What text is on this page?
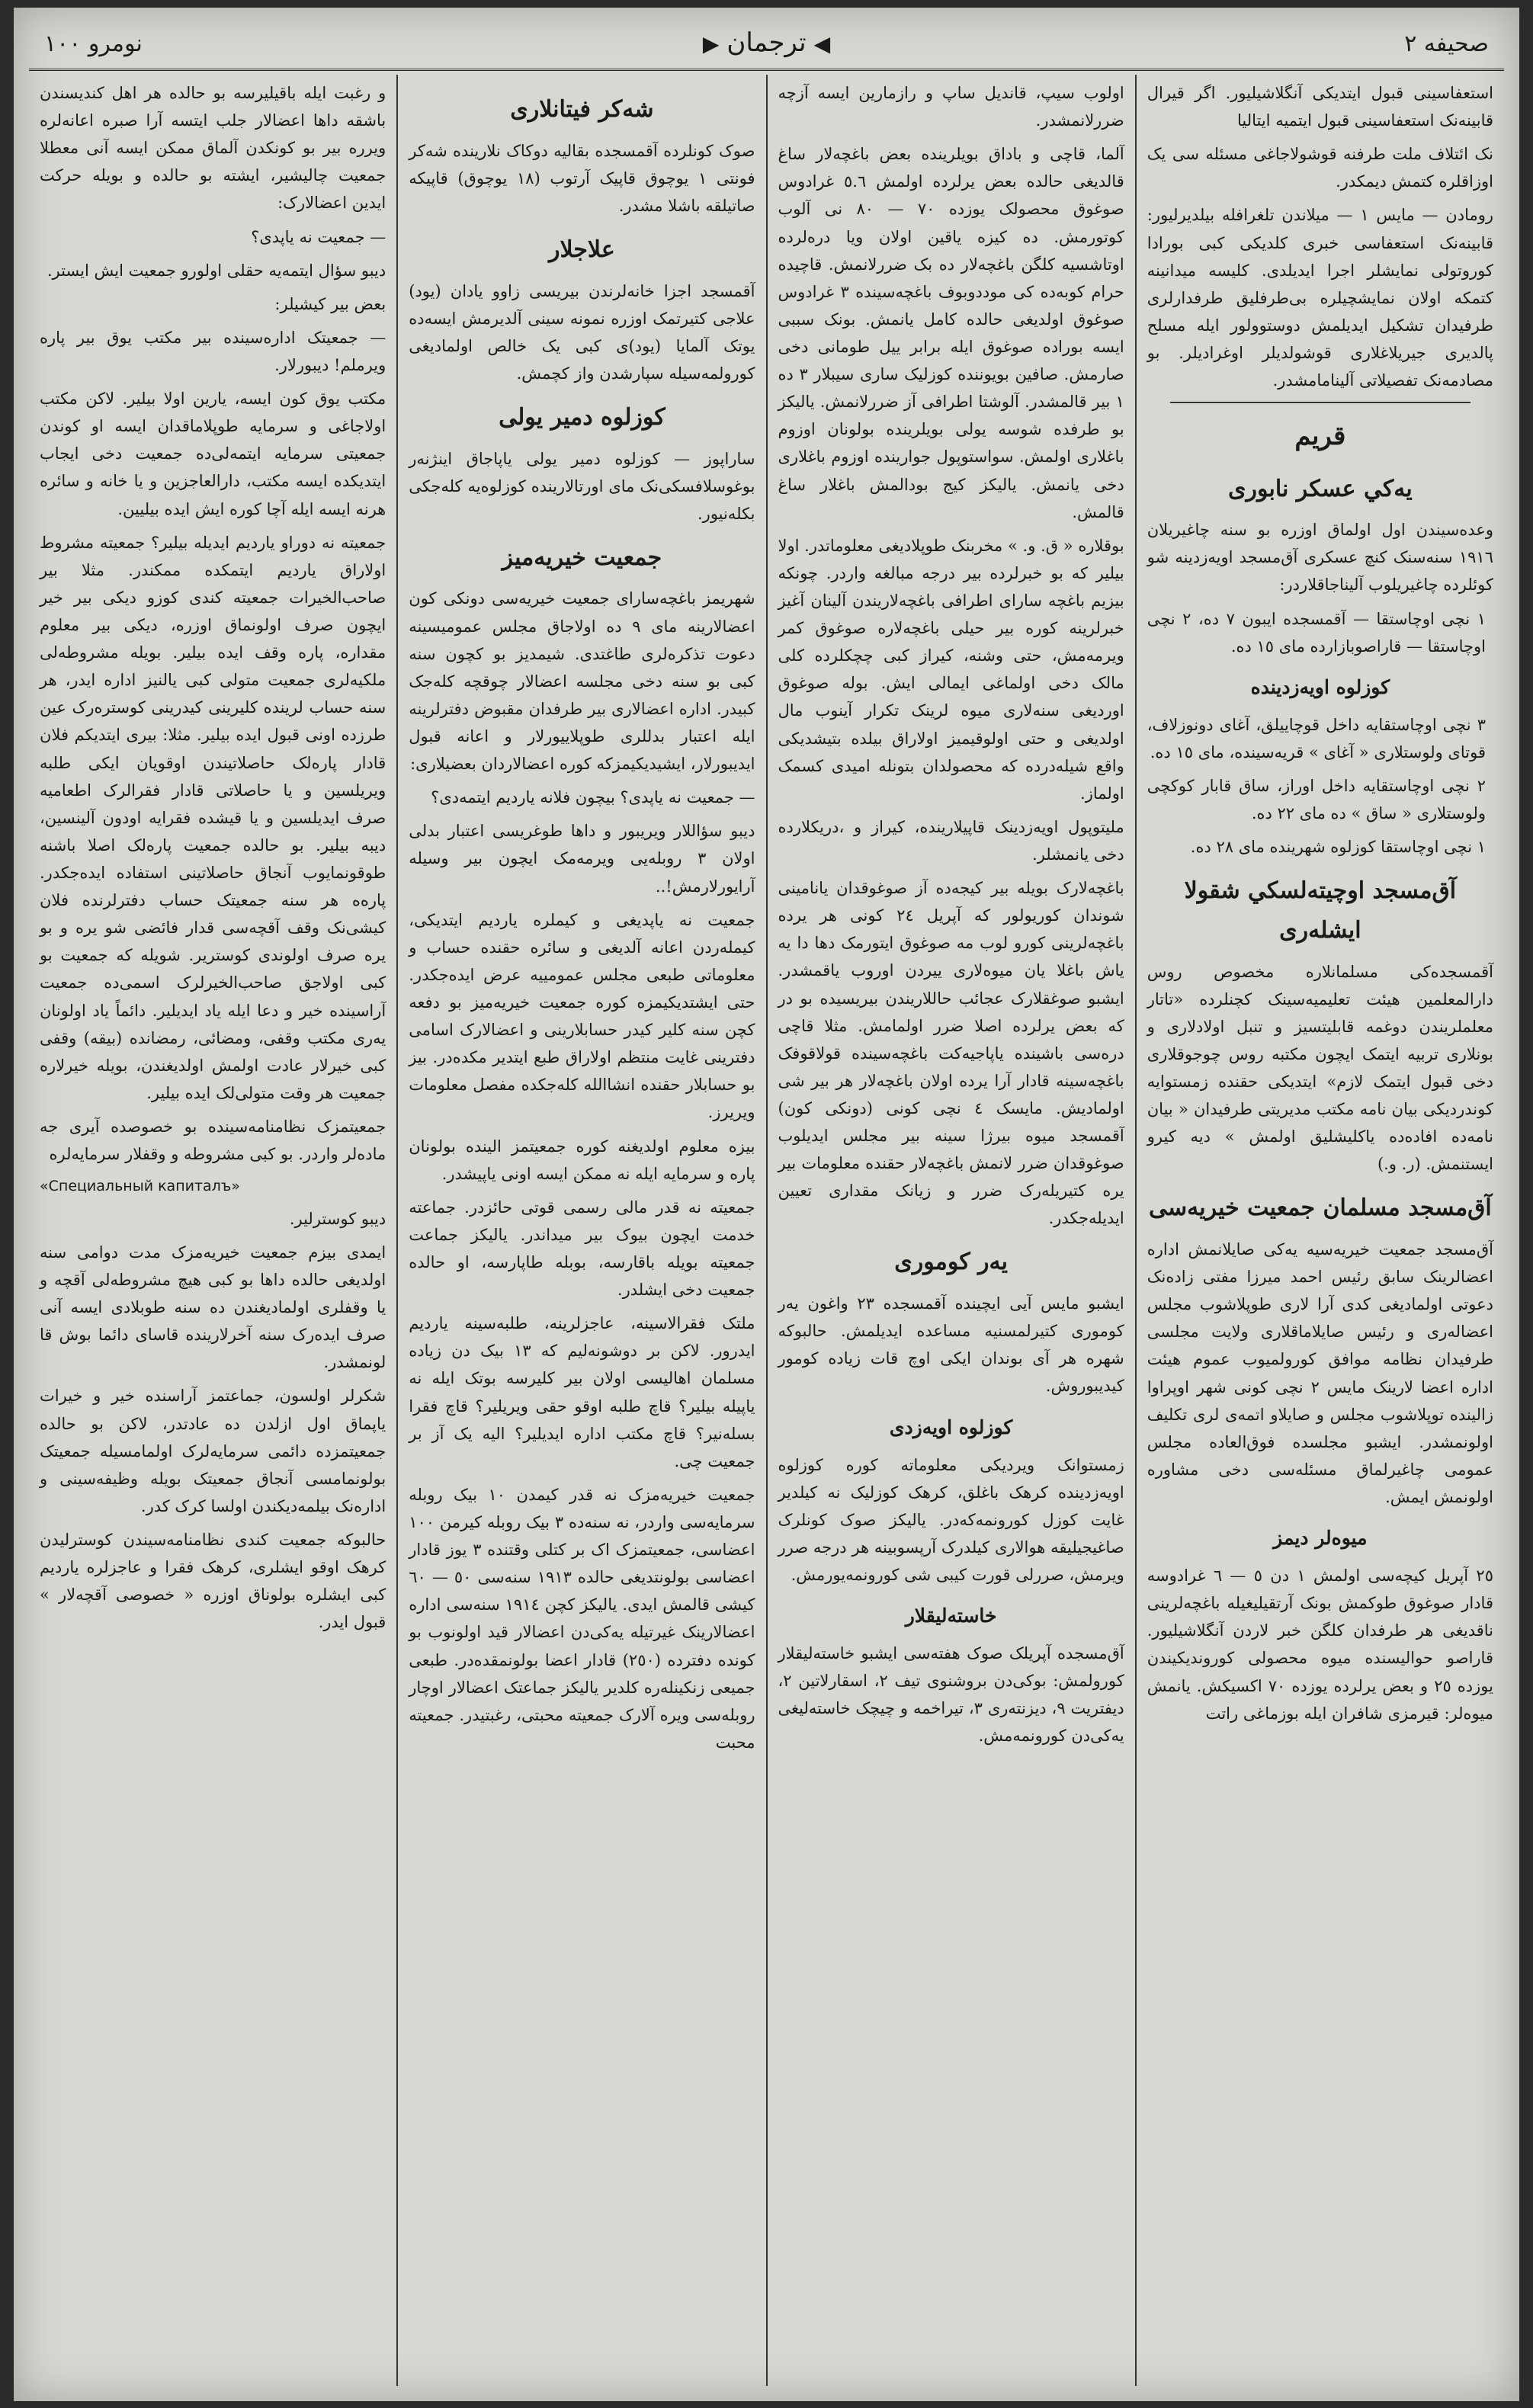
صحيفه ٢
◀ترجمان▶
نومرو ١٠٠

استعفاسینی قبول ایتدیکی آنگلاشیلیور. اگر قیرال قابینه‌نک استعفاسینی قبول ایتمیه ایتالیا

نک ائتلاف ملت طرفنه قوشولاجاغی مسئله سی یک اوزاقلره کتمش دیمکدر.

رومادن — مایس ١ — میلاندن تلغرافله بیلدیرلیور: قابینه‌نک استعفاسی خبری کلدیکی کبی بورادا کوروتولی نمایشلر اجرا ایدیلدی. کلیسه میدانینه کتمکه اولان نمایشچیلره بی‌طرفلیق طرفدارلری طرفیدان تشکیل ایدیلمش دوستوولور ایله مسلح پالدیری جیریلاغلاری قوشولدیلر اوغرادیلر. بو مصادمه‌نک تفصیلاتی آلینامامشدر.

قريم
يه‌كي عسكر نابورى

وعده‌سیندن اول اولماق اوزره بو سنه چاغیریلان ١٩١٦ سنه‌سنک کنچ عسکری آق‌مسجد اویه‌زدینه شو کوئلرده چاغیریلوب آلیناجاقلاردر:

١ نچی اوچاستقا — آقمسجده ایبون ٧ ده، ٢ نچی اوچاستقا — قاراصوبازارده مای ١٥ ده.

كوزلوه اويه‌زدينده

٣ نچی اوچاستقایه داخل قوچاییلق، آغای دونوزلاف، قوتای ولوستلاری « آغای » قریه‌سینده، مای ١٥ ده.

٢ نچی اوچاستقایه داخل اوراز، ساق قابار کوکچی ولوستلاری « ساق » ده مای ٢٢ ده.

١ نچی اوچاستقا کوزلوه شهرینده مای ٢٨ ده.

آق‌مسجد اوچيته‌لسكي شقولا ايشله‌ری

آقمسجده‌کی مسلمانلاره مخصوص روس دارالمعلمین هیئت تعلیمیه‌سینک کچنلرده «تاتار معلملریندن دوغمه قابلیتسیز و تنبل اولادلاری و بونلاری تربیه ایتمک ایچون مکتبه روس چوجوقلاری دخی قبول ایتمک لازم» ایتدیکی حقنده زمستوایه کوندردیکی بیان نامه مکتب مدیریتی طرفیدان « بیان نامه‌ده افاده‌ده یاکلیشلیق اولمش » دیه کیرو ایستنمش. (ر. و.)

آق‌مسجد مسلمان جمعيت خيريه‌سی

آق‌مسجد جمعیت خیریه‌سیه یه‌کی صایلانمش اداره اعضالرینک سابق رئیس احمد میرزا مفتی زاده‌نک دعوتی اولمادیغی کدی آرا لاری طوپلاشوب مجلس اعضاله‌ری و رئیس صایلاماقلاری ولایت مجلسی طرفیدان نظامه موافق کورولمیوب عموم هیئت اداره اعضا لارینک مایس ٢ نچی کونی شهر اوپراوا زالینده توپلاشوب مجلس و صایلاو اتمه‌ی لری تکلیف اولونمشدر. ایشبو مجلسده فوق‌العاده مجلس عمومی چاغیرلماق مسئله‌سی دخی مشاوره اولونمش ایمش.

ميوه‌لر ديمز

٢٥ آپریل کیچه‌سی اولمش ١ دن ٥ — ٦ غرادوسه قادار صوغوق طوکمش بونک آرتقیلیغیله باغچه‌لرینی ناقدیغی هر طرفدان کلگن خبر لاردن آنگلاشیلیور. قاراصو حوالیسنده میوه محصولی کوروندیکیندن یوزده ٢٥ و بعض یرلرده یوزده ٧٠ اکسیکش. یانمش میوه‌لر: قیرمزی شافران ایله بوزماغی راتت

اولوب سیپ، قاندیل ساپ و رازمارین ایسه آزچه ضررلانمشدر.

آلما، قاچی و باداق بویلرینده بعض باغچه‌لار ساغ قالدیغی حالده بعض یرلرده اولمش ٥.٦ غرادوس صوغوق محصولک یوزده ٧٠ — ٨٠ نی آلوب کوتورمش. ده کیزه یاقین اولان ویا دره‌لرده اوتاشسیه کلگن باغچه‌لار ده بک ضررلانمش. قاچیده حرام کوبه‌ده کی موددوبوف باغچه‌سینده ٣ غرادوس صوغوق اولدیغی حالده کامل یانمش. بونک سببی ایسه بوراده صوغوق ایله برابر ییل طومانی دخی صارمش. صافین بویوننده کوزلیک ساری سیبلار ٣ ده ١ بیر قالمشدر. آلوشتا اطرافی آز ضررلانمش. یالیکز بو طرفده شوسه یولی بویلرینده بولونان اوزوم باغلاری اولمش. سواستوپول جوارینده اوزوم باغلاری دخی یانمش. یالیکز کیج بودالمش باغلار ساغ قالمش.

بوقلاره « ق. و. » مخربنک طوپلادیغی معلوماتدر. اولا بیلیر که بو خبرلرده بیر درجه مبالغه واردر. چونکه بیزیم باغچه سارای اطرافی باغچه‌لاریندن آلینان آغیز خبرلرینه کوره بیر حیلی باغچه‌لاره صوغوق کمر ویرمه‌مش، حتی وشنه، کیراز کبی چچکلرده کلی مالک دخی اولماغی ایمالی ایش. بوله صوغوق اوردیغی سنه‌لاری میوه لرینک تکرار آینوب مال اولدیغی و حتی اولوقیمیز اولاراق بیلده بتیشدیکی واقع شیله‌درده که محصولدان بتونله امیدی کسمک اولماز.

ملیتوپول اویه‌زدینک قاپیلارینده، کیراز و ،دریکلارده دخی یانمشلر.

باغچه‌لارک بویله بیر کیجه‌ده آز صوغوقدان یانامینی شوندان کوریولور که آپریل ٢٤ کونی هر یرده باغچه‌لرینی کورو لوب مه صوغوق ایتورمک دها دا یه یاش باغلا یان میوه‌لاری ییردن اوروب یاقمشدر. ایشبو صوغقلارک عجائب حاللاریندن بیریسیده بو در که بعض یرلرده اصلا ضرر اولمامش. مثلا قاچی دره‌سی باشینده یاپاجیه‌کت باغچه‌سینده قولاقوفک باغچه‌سینه قادار آرا یرده اولان باغچه‌لار هر بیر شی اولمادیش. مایسک ٤ نچی کونی (دونکی کون) آقمسجد میوه بیرژا سینه بیر مجلس ایدیلوب صوغوقدان ضرر لانمش باغچه‌لار حقنده معلومات بیر یره کتیریله‌رک ضرر و زیانک مقداری تعیین ایدیله‌جکدر.

يه‌ر كوموری

ایشبو مایس آیی ایچینده آقمسجده ٢٣ واغون یه‌ر کوموری کتیرلمسنیه مساعده ایدیلمش. حالبوکه شهره هر آی بوندان ایکی اوچ قات زیاده کومور کیدیبوروش.

كوزلوه اويه‌زدی

زمستوانک ویردیکی معلوماته کوره کوزلوه اویه‌زدینده کرهک باغلق، کرهک کوزلیک نه کیلدیر غایت کوزل کورونمه‌که‌در. یالیکز صوک کونلرک صاغیجیلیقه هوالاری کیلدرک آرپسوبینه هر درجه صرر ویرمش، صررلی قورت کیبی شی کورونمه‌یورمش.

خاسته‌ليقلار

آق‌مسجده آپریلک صوک هفته‌سی ایشبو خاسته‌لیقلار کورولمش: بوکی‌دن بروشنوی تیف ٢، اسقارلاتین ٢، دیفتریت ٩، دیزنته‌ری ٣، تیراخمه و چیچک خاسته‌لیغی یه‌کی‌دن کورونمه‌مش.

شه‌كر فيتانلاری

صوک کونلرده آقمسجده بقالیه دوکاک نلارینده شه‌کر فونتی ١ یوچوق قاپیک آرتوب (١٨ یوچوق) قاپیکه صاتیلقه باشلا مشدر.

علاجلار

آقمسجد اجزا خانه‌لرندن بیریسی زاوو یادان (یود) علاجی کتیرتمک اوزره نمونه سینی آلدیرمش ایسه‌ده یوتک آلمایا (یود)ی کبی یک خالص اولمادیغی کورولمه‌سیله سپارشدن واز کچمش.

كوزلوه دمير يولی

ساراپوز — کوزلوه دمیر یولی یاپاجاق اینژنه‌ر بوغوسلافسکی‌نک مای اورتالارینده کوزلوه‌یه کله‌جکی بکله‌نیور.

جمعيت خيريه‌ميز

شهریمز باغچه‌سارای جمعیت خیریه‌سی دونکی کون اعضالارینه مای ٩ ده اولاجاق مجلس عمومیسینه دعوت تذکره‌لری طاغتدی. شیمدیز بو کچون سنه کبی بو سنه دخی مجلسه اعضالار چوقچه کله‌جک کبیدر. اداره اعضالاری بیر طرفدان مقبوض دفترلرینه ایله اعتبار بدللری طوپلاییورلار و اعانه قبول ایدیبورلار، ایشیدیکیمزکه کوره اعضالاردان بعضیلاری:

— جمعیت نه یاپدی؟ بیچون فلانه یاردیم ایتمه‌دی؟

دیبو سؤاللار ویریبور و داها طوغریسی اعتبار بدلی اولان ٣ روبله‌یی ویرمه‌مک ایچون بیر وسیله آرایورلارمش!..

جمعیت نه یاپدیغی و کیملره یاردیم ایتدیکی، کیمله‌ردن اعانه آلدیغی و سائره حقنده حساب و معلوماتی طبعی مجلس عمومییه عرض ایده‌جکدر. حتی ایشتدیکیمزه کوره جمعیت خیریه‌میز بو دفعه کچن سنه کلیر کیدر حسابلارینی و اعضالارک اسامی دفترینی غایت منتظم اولاراق طبع ایتدیر مکده‌در. بیز بو حسابلار حقنده انشاالله کله‌جکده مفصل معلومات ویریرز.

بیزه معلوم اولدیغنه کوره جمعیتمز الینده بولونان پاره و سرمایه ایله نه ممکن ایسه اونی یاپیشدر.

جمعیته نه قدر مالی رسمی قوتی حائزدر. جماعته خدمت ایچون بیوک بیر میداندر. یالیکز جماعت جمعیته بویله باقارسه، بوبله طاپارسه، او حالده جمعیت دخی ایشلدر.

ملتک فقرالاسینه، عاجزلرینه، طلبه‌سینه یاردیم ایدرور. لاکن بر دوشونه‌لیم که ١٣ بیک دن زیاده مسلمان اهالیسی اولان بیر کلیرسه بوتک ایله نه یاپیله بیلیر؟ قاچ طلبه اوقو حقی ویریلیر؟ قاچ فقرا بسله‌نیر؟ قاچ مکتب اداره ایدیلیر؟ الیه یک آز بر جمعیت چی.

جمعیت خیریه‌مزک نه قدر کیمدن ١٠ بیک روبله سرمایه‌سی واردر، نه سنه‌ده ٣ بیک روبله کیرمن ١٠٠ اعضاسی، جمعیتمزک اک بر کتلی وقتنده ٣ یوز قادار اعضاسی بولونتدیغی حالده ١٩١٣ سنه‌سی ٥٠ — ٦٠ کیشی قالمش ایدی. یالیکز کچن ١٩١٤ سنه‌سی اداره اعضالارینک غیرتیله یه‌کی‌دن اعضالار قید اولونوب بو کونده دفترده (٢٥٠) قادار اعضا بولونمقده‌در. طبعی جمیعی زنکینله‌ره کلدیر یالیکز جماعتک اعضالار اوچار روبله‌سی ویره آلارک جمعیته محبتی، رغبتیدر. جمعیته محبت

و رغبت ایله باقیلیرسه بو حالده هر اهل کندیسندن باشقه داها اعضالار جلب ایتسه آرا صبره اعانه‌لره ویرره بیر بو کونکدن آلماق ممکن ایسه آنی معطلا جمعیت چالیشیر، ایشته بو حالده و بویله حرکت ایدین اعضالارک:

— جمعیت نه یاپدی؟

دیبو سؤال ایتمه‌یه حقلی اولورو جمعیت ایش ایستر.

بعض بیر کیشیلر:

— جمعیتک اداره‌سینده بیر مکتب یوق بیر پاره ویرملم! دیبورلار.

مکتب یوق کون ایسه، یارین اولا بیلیر. لاکن مکتب اولاجاغی و سرمایه طوپلاماقدان ایسه او کوندن جمعیتی سرمایه ایتمه‌لی‌ده جمعیت دخی ایجاب ایتدیکده ایسه مکتب، دارالعاجزین و یا خانه و سائره هرنه ایسه ایله آچا کوره ایش ایده بیلیین.

جمعیته نه دوراو یاردیم ایدیله بیلیر؟ جمعیته مشروط اولاراق یاردیم ایتمکده ممکندر. مثلا بیر صاحب‌الخیرات جمعیته کندی کوزو دیکی بیر خیر ایچون صرف اولونماق اوزره، دیکی بیر معلوم مقداره، پاره وقف ایده بیلیر. بویله مشروطه‌لی ملکیه‌لری جمعیت متولی کبی یالنیز اداره ایدر، هر سنه حساب لرینده کلیرینی کیدرینی کوستره‌رک عین طرزده اونی قبول ایده بیلیر. مثلا: بیری ایتدیکم فلان قادار پاره‌لک حاصلاتیندن اوقویان ایکی طلبه ویریلسین و یا حاصلاتی قادار فقرالرک اطعامیه صرف ایدیلسین و یا قیشده فقرایه اودون آلینسین، دیبه بیلیر. بو حالده جمعیت پاره‌لک اصلا باشنه طوقونمایوب آنجاق حاصلاتینی استفاده ایده‌جکدر. پاره‌ه هر سنه جمعیتک حساب دفترلرنده فلان کیشی‌نک وقف آقچه‌سی قدار فائضی شو یره و بو یره صرف اولوندی کوستریر. شویله که جمعیت بو کبی اولاجق صاحب‌الخیرلرک اسمی‌ده جمعیت آرا‌سینده خیر و دعا ایله یاد ایدیلیر. دائماً یاد اولونان یه‌ری مکتب وقفی، ومضائی، رمضانده (بیقه) وقفی کبی خیرلار عادت اولمش اولدیغندن، بویله خیرلاره جمعیت هر وقت متولی‌لک ایده بیلیر.

جمعیتمزک نظامنامه‌سینده بو خصوصده آیری جه ماده‌لر واردر. بو کبی مشروطه و وقفلار سرمایه‌لره

«Специальный капиталъ»

دیبو کوسترلیر.

ایمدی بیزم جمعیت خیریه‌مزک مدت دوامی سنه اولدیغی حالده داها بو کبی هیچ مشروطه‌لی آقچه و یا وقفلری اولمادیغندن ده سنه طوبلادی ایسه آنی صرف ایده‌رک سنه آخرلارینده قاسای دائما بوش قا لونمشدر.

شکرلر اولسون، جماعتمز آرا‌سنده خیر و خیرات یاپماق اول ازلدن ده عادتدر، لاکن بو حالده جمعیتمزده دائمی سرمایه‌لرک اولمامسیله جمعیتک بولونمامسی آنجاق جمعیتک بویله وظیفه‌سینی و اداره‌نک بیلمه‌دیکندن اولسا کرک کدر.

حالبوکه جمعیت کندی نظامنامه‌سیندن کوسترلیدن کرهک اوقو ایشلری، کرهک فقرا و عاجزلره یاردیم کبی ایشلره بولوناق اوزره « خصوصی آقچه‌لار » قبول ایدر.
